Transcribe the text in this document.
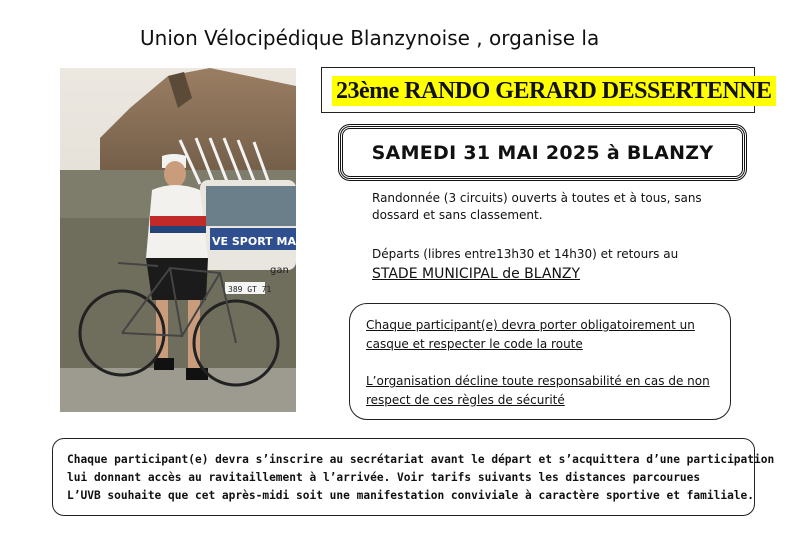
Union Vélocipédique Blanzynoise , organise la
VE SPORT MACONN
389 GT 71
gan
23ème RANDO GERARD DESSERTENNE
SAMEDI 31 MAI 2025 à BLANZY
Randonnée (3 circuits) ouverts à toutes et à tous, sans dossard et sans classement.
Départs (libres entre13h30 et 14h30) et retours au
STADE MUNICIPAL de BLANZY
Chaque participant(e) devra porter obligatoirement un casque et respecter le code la route
L’organisation décline toute responsabilité en cas de non respect de ces règles de sécurité
Chaque participant(e) devra s’inscrire au secrétariat avant le départ et s’acquittera d’une participation
lui donnant accès au ravitaillement à l’arrivée. Voir tarifs suivants les distances parcourues
L’UVB souhaite que cet après-midi soit une manifestation conviviale à caractère sportive et familiale.
